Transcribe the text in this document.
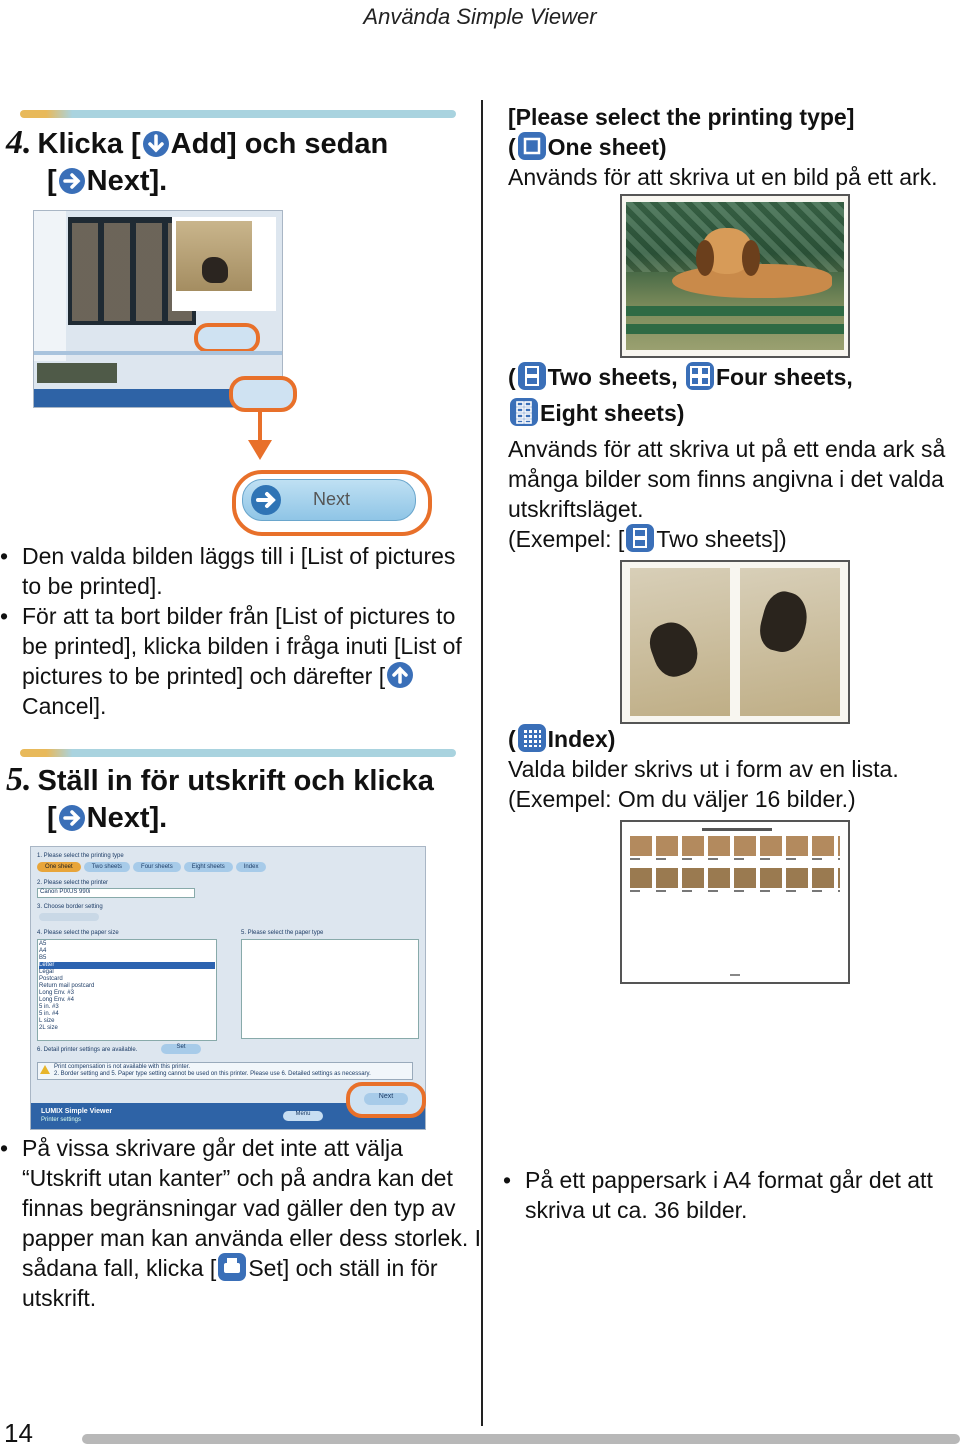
Använda Simple Viewer
4. Klicka [ Add] och sedan
[ Next].
Next
• Den valda bilden läggs till i [List of pictures to be printed].
• För att ta bort bilder från [List of pictures to be printed], klicka bilden i fråga inuti [List of pictures to be printed] och därefter [
Cancel].
5. Ställ in för utskrift och klicka
[ Next].
1. Please select the printing type
One sheet	Two sheets	Four sheets	Eight sheets	Index
2. Please select the printer
Canon PIXUS 990i
3. Choose border setting
4. Please select the paper size	5. Please select the paper type
A5
A4
B5
Letter
Legal
Postcard
Return mail postcard
Long Env. #3
Long Env. #4
5 in. #3
5 in. #4
L size
2L size
6. Detail printer settings are available.	Set
Print compensation is not available with this printer.
2. Border setting and 5. Paper type setting cannot be used on this printer. Please use 6. Detailed settings as necessary.
LUMIX Simple Viewer
Printer settings
Menu
Next
• På vissa skrivare går det inte att välja “Utskrift utan kanter” och på andra kan det finnas begränsningar vad gäller den typ av papper man kan använda eller dess storlek. I sådana fall, klicka [ Set] och ställ in för utskrift.
[Please select the printing type]
( One sheet)
Används för att skriva ut en bild på ett ark.
( Two sheets, Four sheets,
Eight sheets)
Används för att skriva ut på ett enda ark så många bilder som finns angivna i det valda utskriftsläget.
(Exempel: [ Two sheets])
( Index)
Valda bilder skrivs ut i form av en lista.
(Exempel: Om du väljer 16 bilder.)
• På ett pappersark i A4 format går det att skriva ut ca. 36 bilder.
14
